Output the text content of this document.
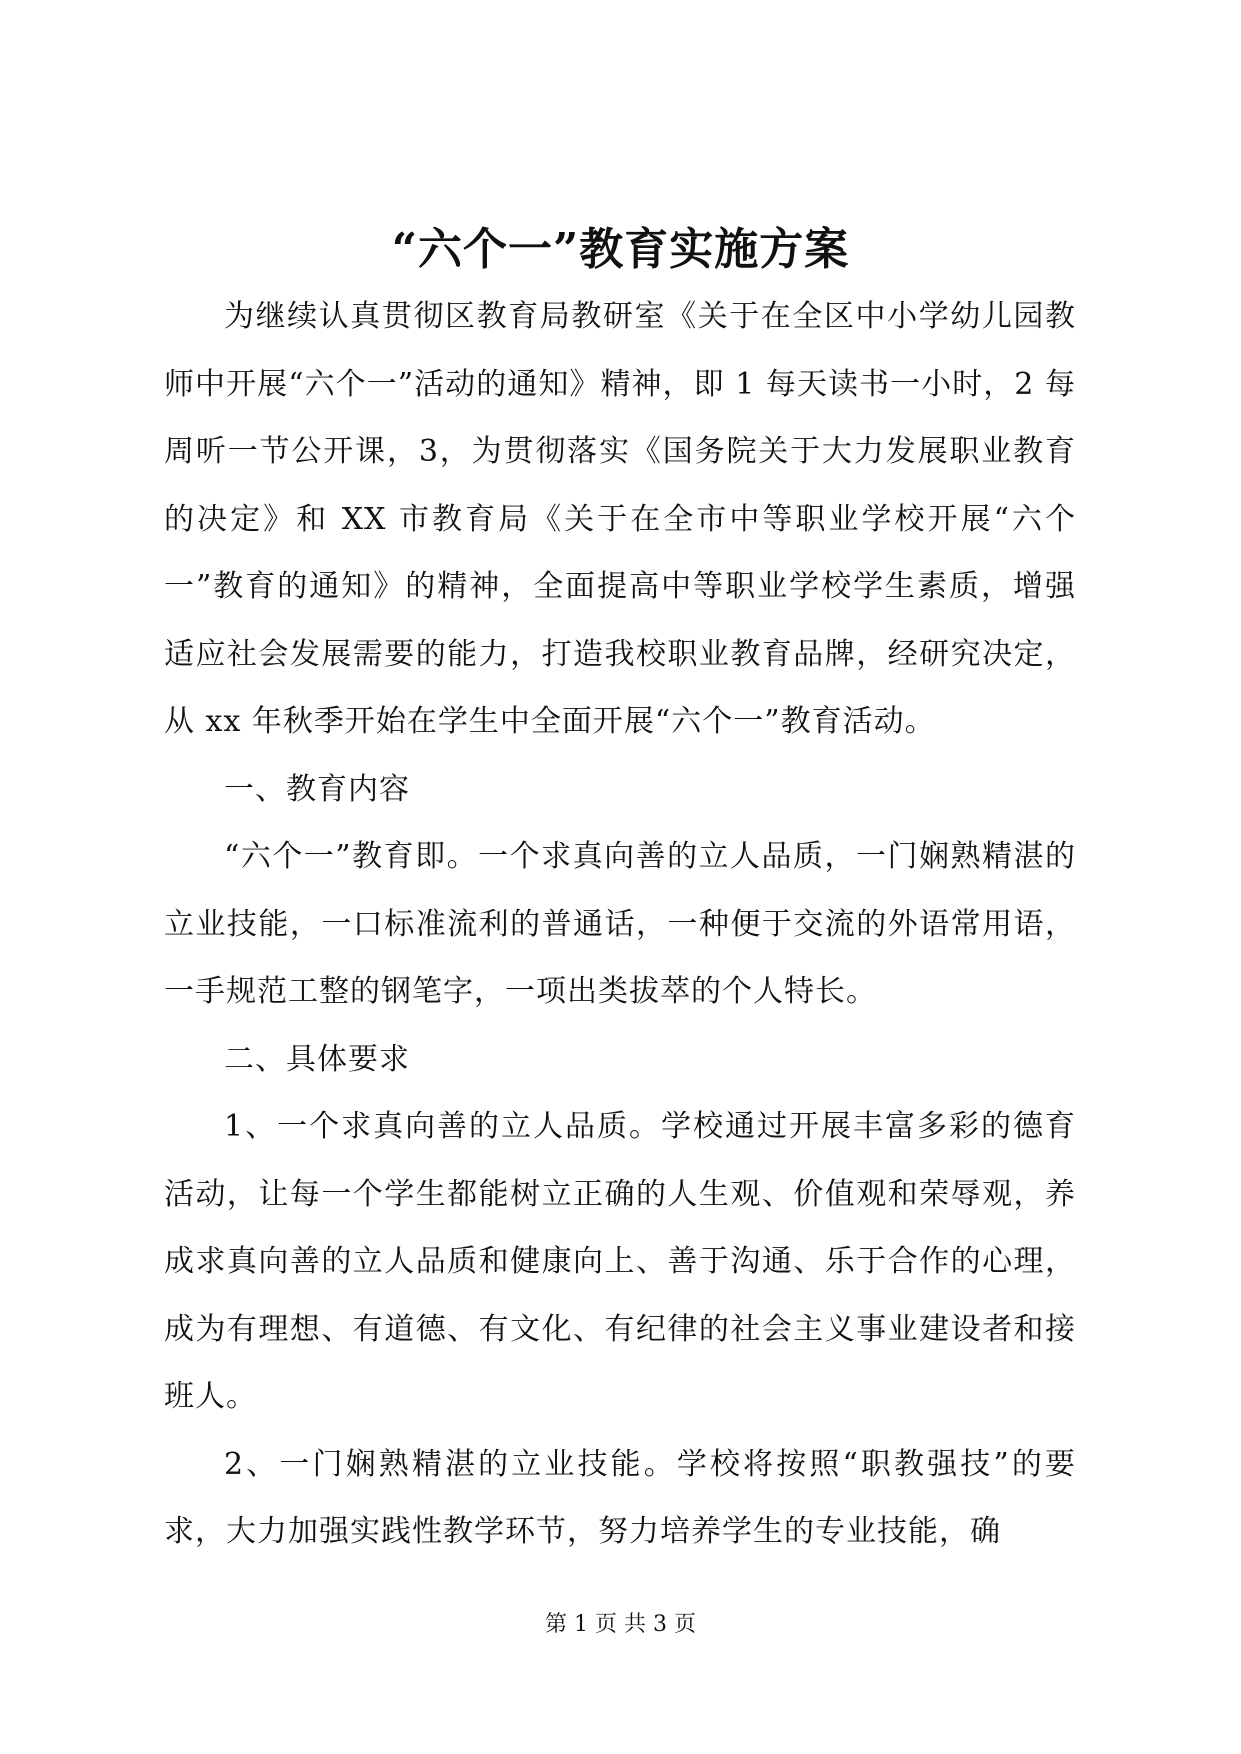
“六个一”教育实施方案

为继续认真贯彻区教育局教研室《关于在全区中小学幼儿园教师中开展“六个一”活动的通知》精神，即 1 每天读书一小时，2 每周听一节公开课，3，为贯彻落实《国务院关于大力发展职业教育的决定》和 XX 市教育局《关于在全市中等职业学校开展“六个一”教育的通知》的精神，全面提高中等职业学校学生素质，增强适应社会发展需要的能力，打造我校职业教育品牌，经研究决定，从 xx 年秋季开始在学生中全面开展“六个一”教育活动。

一、教育内容

“六个一”教育即。一个求真向善的立人品质，一门娴熟精湛的立业技能，一口标准流利的普通话，一种便于交流的外语常用语，一手规范工整的钢笔字，一项出类拔萃的个人特长。

二、具体要求

1、一个求真向善的立人品质。学校通过开展丰富多彩的德育活动，让每一个学生都能树立正确的人生观、价值观和荣辱观，养成求真向善的立人品质和健康向上、善于沟通、乐于合作的心理，成为有理想、有道德、有文化、有纪律的社会主义事业建设者和接班人。

2、一门娴熟精湛的立业技能。学校将按照“职教强技”的要求，大力加强实践性教学环节，努力培养学生的专业技能，确

第 1 页 共 3 页
